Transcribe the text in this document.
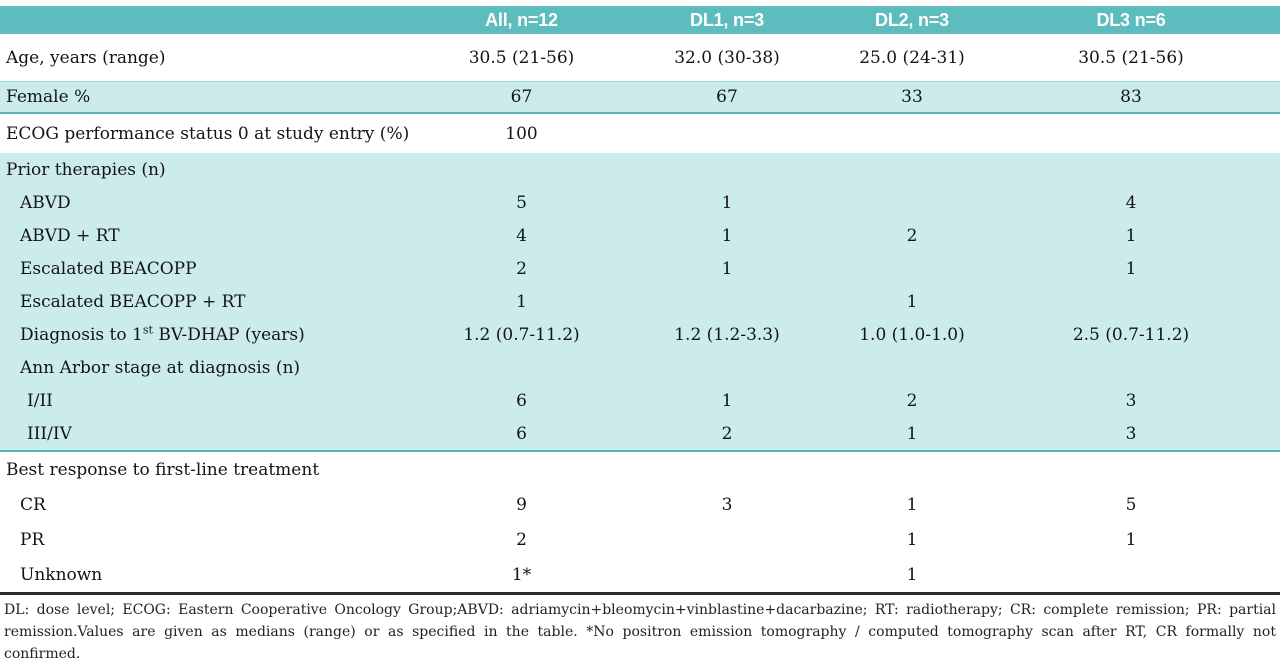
	All, n=12	DL1, n=3	DL2, n=3	DL3 n=6
Age, years (range)	30.5 (21-56)	32.0 (30-38)	25.0 (24-31)	30.5 (21-56)
Female %	67	67	33	83
ECOG performance status 0 at study entry (%)	100			
Prior therapies (n)				
ABVD	5	1		4
ABVD + RT	4	1	2	1
Escalated BEACOPP	2	1		1
Escalated BEACOPP + RT	1		1	
Diagnosis to 1st BV-DHAP (years)	1.2 (0.7-11.2)	1.2 (1.2-3.3)	1.0 (1.0-1.0)	2.5 (0.7-11.2)
Ann Arbor stage at diagnosis (n)				
I/II	6	1	2	3
III/IV	6	2	1	3
Best response to first-line treatment				
CR	9	3	1	5
PR	2		1	1
Unknown	1*		1	
DL: dose level; ECOG: Eastern Cooperative Oncology Group;ABVD: adriamycin+bleomycin+vinblastine+dacarbazine; RT: radiotherapy; CR: complete remission; PR: partial
remission.Values are given as medians (range) or as specified in the table. *No positron emission tomography / computed tomography scan after RT, CR formally not
confirmed.
